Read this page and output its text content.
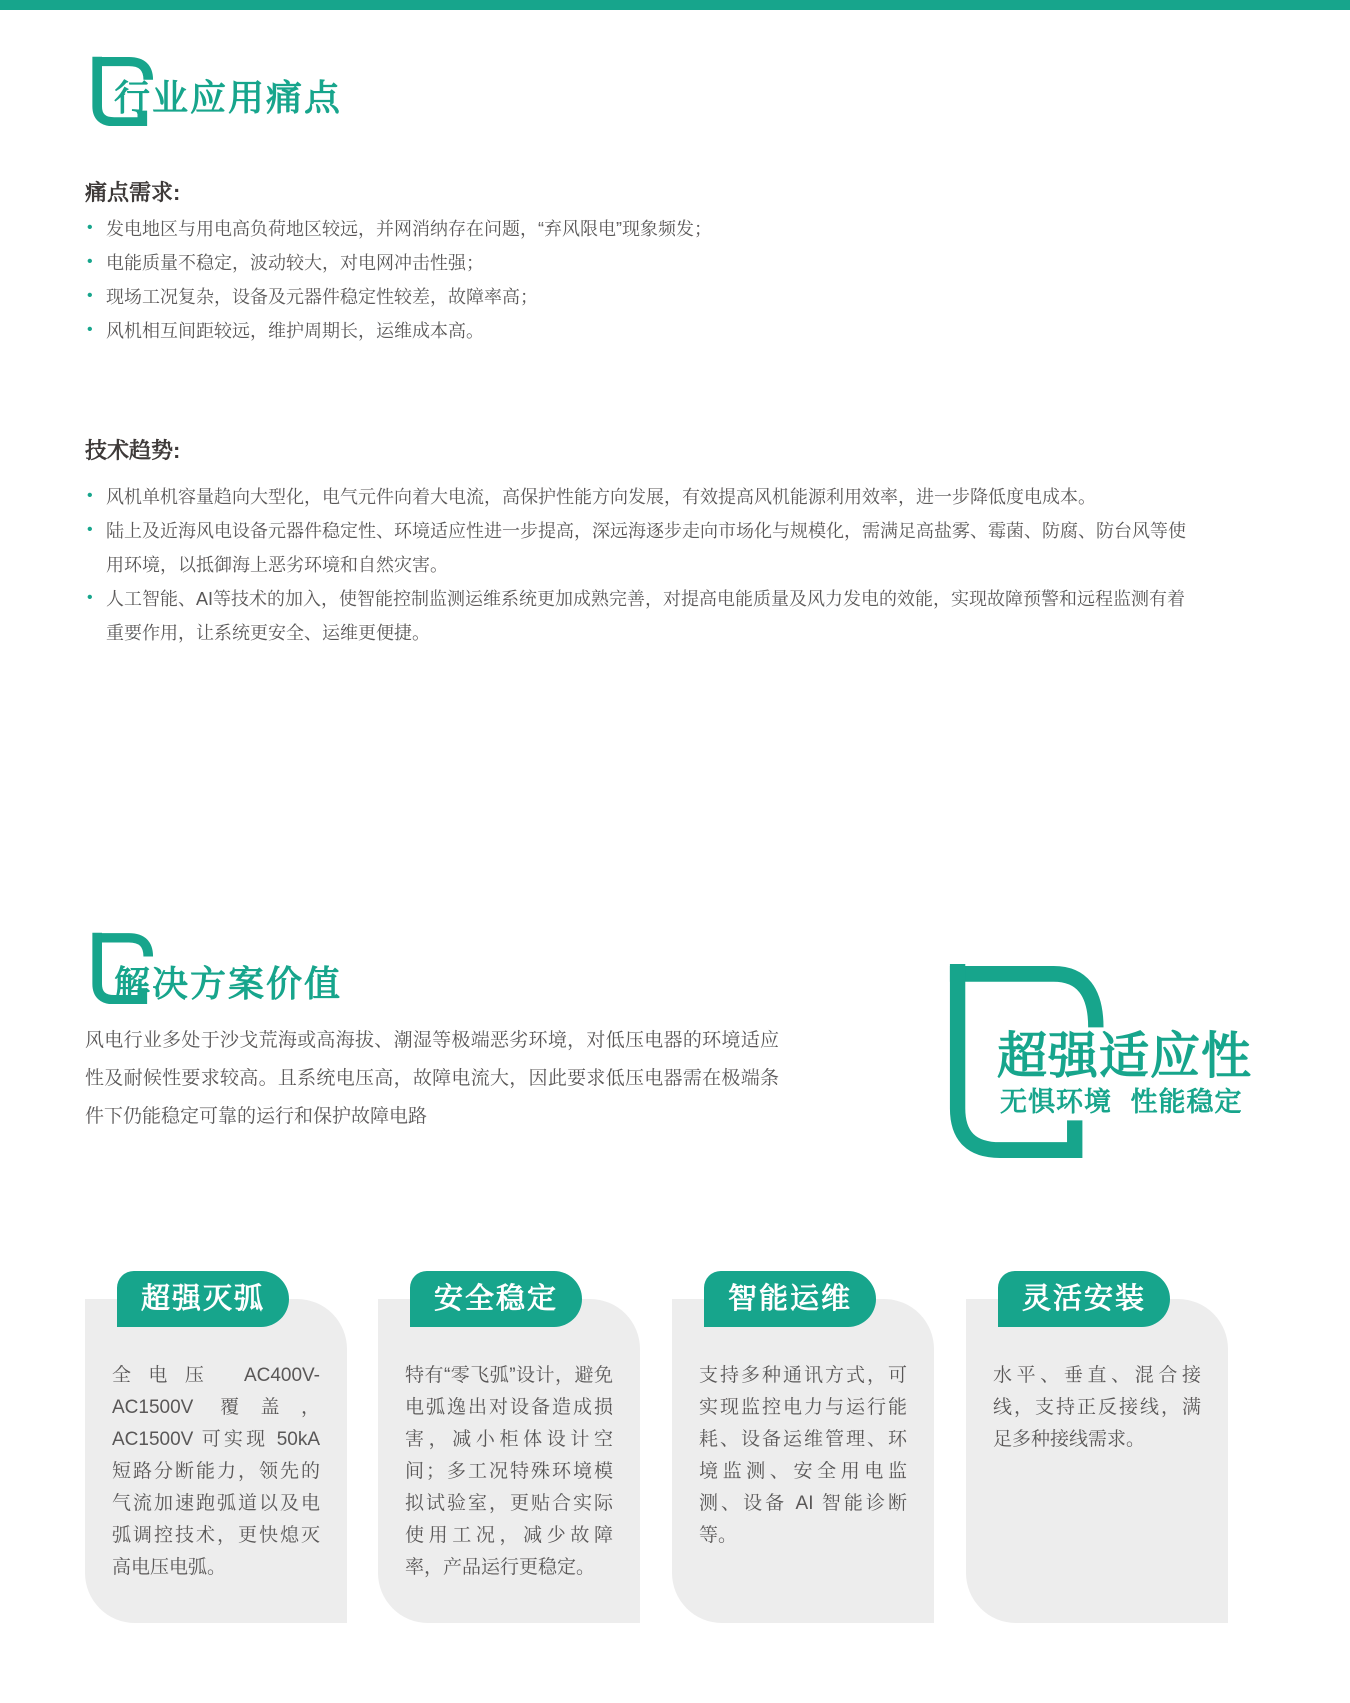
行业应用痛点
痛点需求:
• 发电地区与用电高负荷地区较远，并网消纳存在问题，“弃风限电”现象频发；
• 电能质量不稳定，波动较大，对电网冲击性强；
• 现场工况复杂，设备及元器件稳定性较差，故障率高；
• 风机相互间距较远，维护周期长，运维成本高。
技术趋势:
• 风机单机容量趋向大型化，电气元件向着大电流，高保护性能方向发展，有效提高风机能源利用效率，进一步降低度电成本。
• 陆上及近海风电设备元器件稳定性、环境适应性进一步提高，深远海逐步走向市场化与规模化，需满足高盐雾、霉菌、防腐、防台风等使用环境，以抵御海上恶劣环境和自然灾害。
• 人工智能、AI等技术的加入，使智能控制监测运维系统更加成熟完善，对提高电能质量及风力发电的效能，实现故障预警和远程监测有着重要作用，让系统更安全、运维更便捷。
解决方案价值
风电行业多处于沙戈荒海或高海拔、潮湿等极端恶劣环境，对低压电器的环境适应性及耐候性要求较高。且系统电压高，故障电流大，因此要求低压电器需在极端条件下仍能稳定可靠的运行和保护故障电路
超强适应性
无惧环境 性能稳定
超强灭弧
全电压 AC400V-AC1500V 覆盖，AC1500V 可实现 50kA 短路分断能力，领先的气流加速跑弧道以及电弧调控技术，更快熄灭高电压电弧。
安全稳定
特有“零飞弧”设计，避免电弧逸出对设备造成损害，减小柜体设计空间；多工况特殊环境模拟试验室，更贴合实际使用工况，减少故障率，产品运行更稳定。
智能运维
支持多种通讯方式，可实现监控电力与运行能耗、设备运维管理、环境监测、安全用电监测、设备 AI 智能诊断等。
灵活安装
水平、垂直、混合接线，支持正反接线，满足多种接线需求。
